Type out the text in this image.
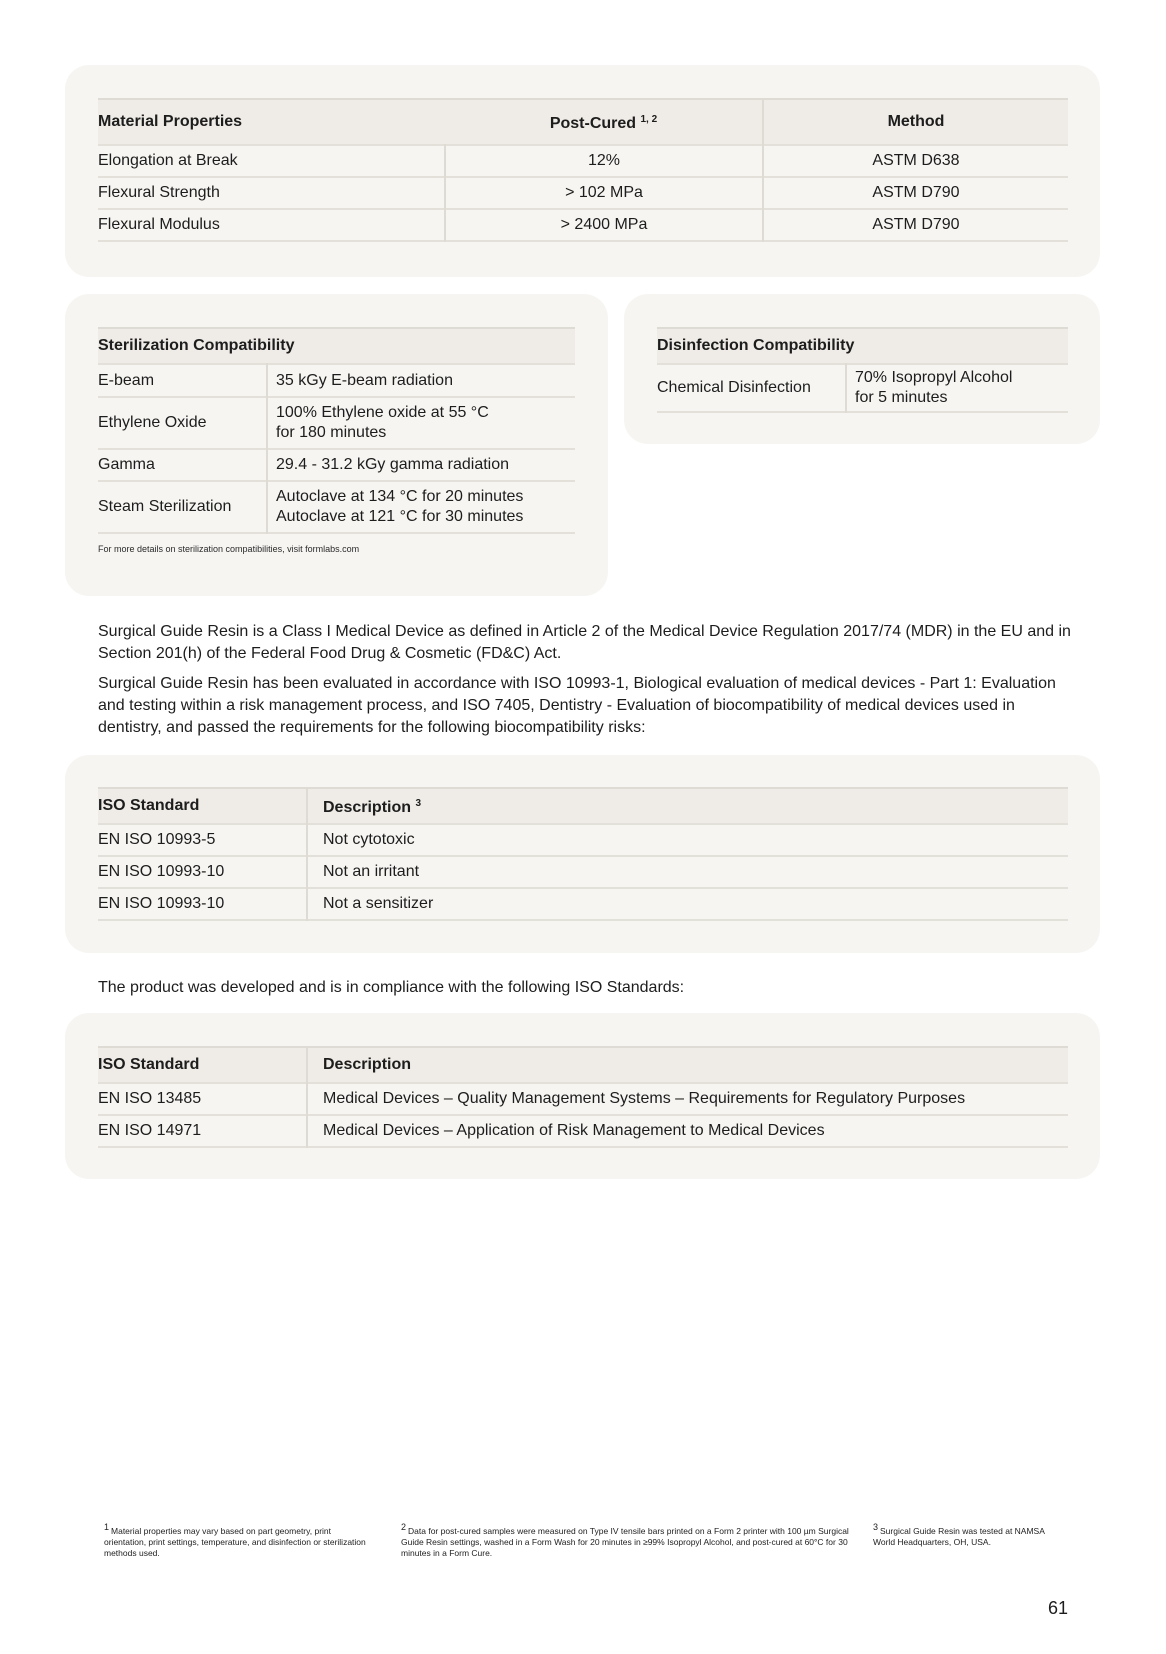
Material Properties	Post-Cured $^{1, 2}$	Method
Elongation at Break	12%	ASTM D638
Flexural Strength	> 102 MPa	ASTM D790
Flexural Modulus	> 2400 MPa	ASTM D790
Sterilization Compatibility	
E-beam	35 kGy E-beam radiation
Ethylene Oxide	100% Ethylene oxide at 55 °C
for 180 minutes
Gamma	29.4 - 31.2 kGy gamma radiation
Steam Sterilization	Autoclave at 134 °C for 20 minutes
Autoclave at 121 °C for 30 minutes
For more details on sterilization compatibilities, visit formlabs.com
Disinfection Compatibility
Chemical Disinfection	70% Isopropyl Alcohol
for 5 minutes

Surgical Guide Resin is a Class I Medical Device as defined in Article 2 of the Medical Device Regulation 2017/74 (MDR) in the EU and in Section 201(h) of the Federal Food Drug & Cosmetic (FD&C) Act.

Surgical Guide Resin has been evaluated in accordance with ISO 10993-1, Biological evaluation of medical devices - Part 1: Evaluation and testing within a risk management process, and ISO 7405, Dentistry - Evaluation of biocompatibility of medical devices used in dentistry, and passed the requirements for the following biocompatibility risks:

ISO Standard	Description $^3$
EN ISO 10993-5	Not cytotoxic
EN ISO 10993-10	Not an irritant
EN ISO 10993-10	Not a sensitizer

The product was developed and is in compliance with the following ISO Standards:

ISO Standard	Description
EN ISO 13485	Medical Devices – Quality Management Systems – Requirements for Regulatory Purposes
EN ISO 14971	Medical Devices – Application of Risk Management to Medical Devices
$^1$ Material properties may vary based on part geometry, print orientation, print settings, temperature, and disinfection or sterilization methods used.
$^2$ Data for post-cured samples were measured on Type IV tensile bars printed on a Form 2 printer with 100 µm Surgical Guide Resin settings, washed in a Form Wash for 20 minutes in ≥99% Isopropyl Alcohol, and post-cured at 60°C for 30 minutes in a Form Cure.
$^3$ Surgical Guide Resin was tested at NAMSA World Headquarters, OH, USA.
61
